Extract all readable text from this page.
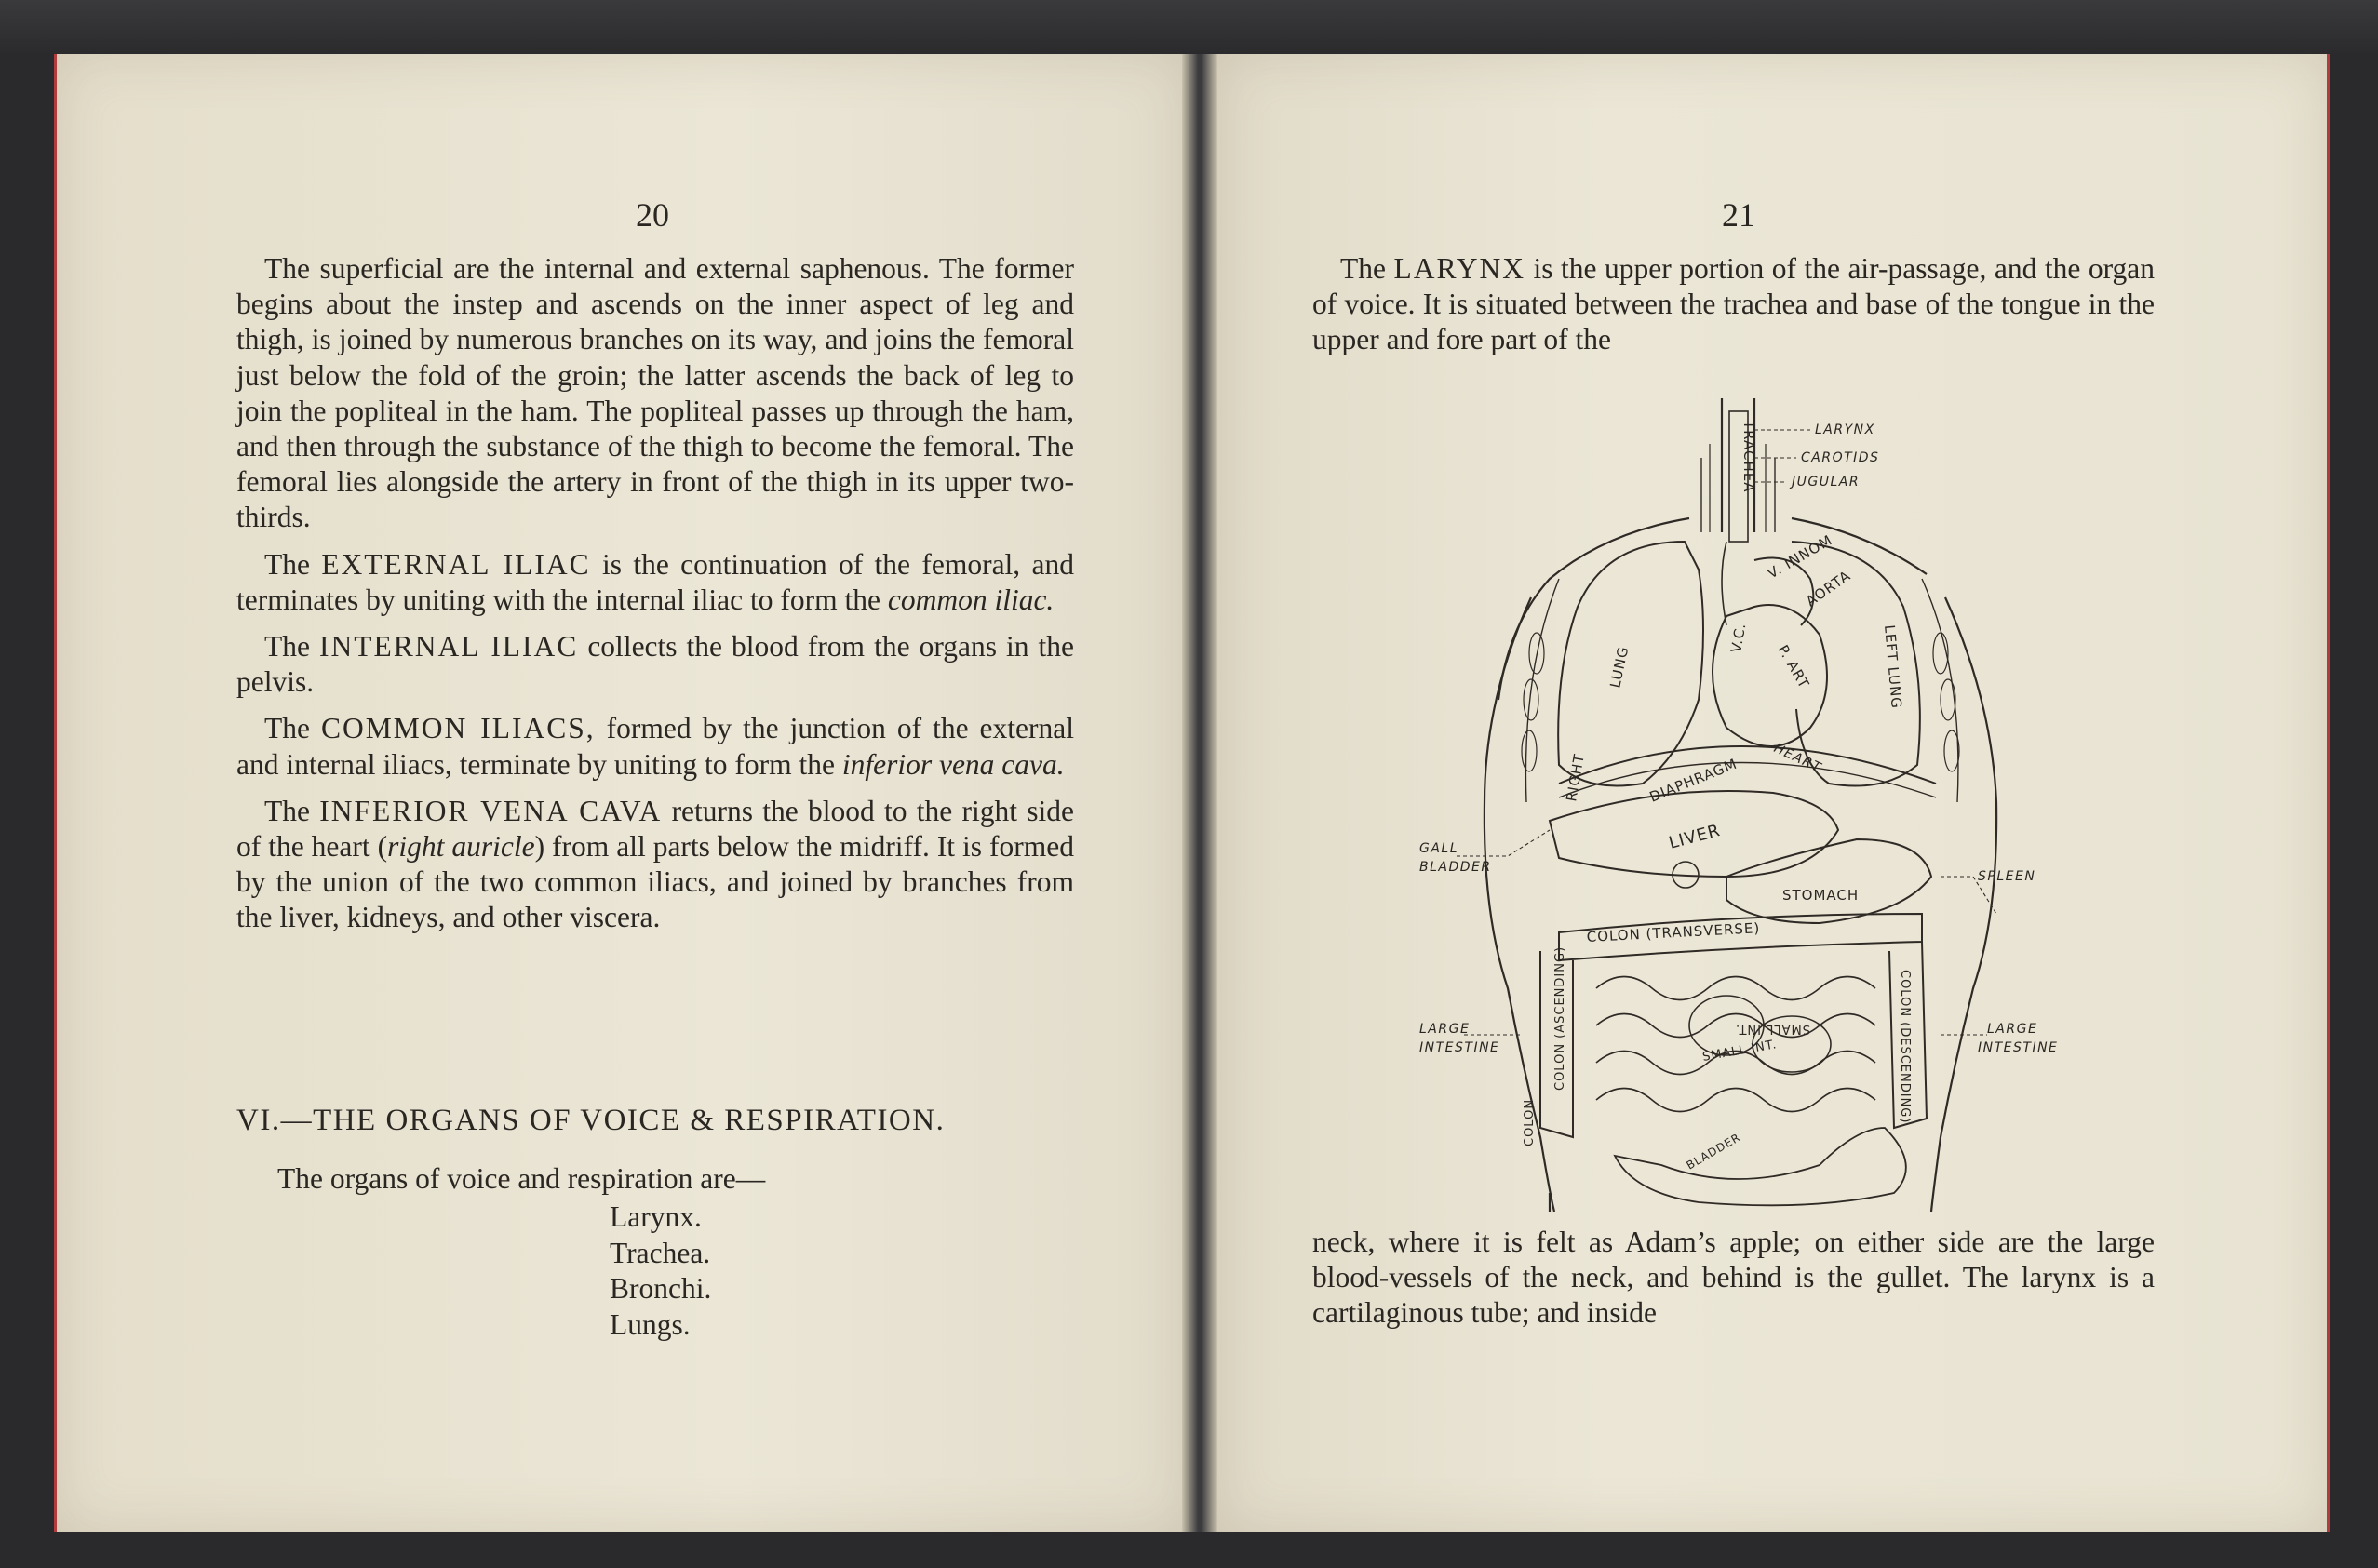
20

The superficial are the internal and external saphenous. The former begins about the instep and ascends on the inner aspect of leg and thigh, is joined by numerous branches on its way, and joins the femoral just below the fold of the groin; the latter ascends the back of leg to join the popliteal in the ham. The popliteal passes up through the ham, and then through the substance of the thigh to become the femoral. The femoral lies alongside the artery in front of the thigh in its upper two-thirds.

The EXTERNAL ILIAC is the continuation of the femoral, and terminates by uniting with the internal iliac to form the common iliac.

The INTERNAL ILIAC collects the blood from the organs in the pelvis.

The COMMON ILIACS, formed by the junction of the external and internal iliacs, terminate by uniting to form the inferior vena cava.

The INFERIOR VENA CAVA returns the blood to the right side of the heart (right auricle) from all parts below the midriff. It is formed by the union of the two common iliacs, and joined by branches from the liver, kidneys, and other viscera.

VI.—THE ORGANS OF VOICE & RESPIRATION.
The organs of voice and respiration are—
Larynx.
Trachea.
Bronchi.
Lungs.
21

The LARYNX is the upper portion of the air-passage, and the organ of voice. It is situated between the trachea and base of the tongue in the upper and fore part of the

LARYNX
CAROTIDS
JUGULAR
TRACHEA
V. INNOM
AORTA
V.C.
P. ART
RIGHT
LUNG	LEFT LUNG
HEART
DIAPHRAGM
LIVER
STOMACH
GALL
BLADDER
SPLEEN
COLON (TRANSVERSE)
COLON (ASCENDING)	COLON (DESCENDING)
SMALL INT.
SMALL INT.
LARGE
INTESTINE
LARGE
INTESTINE
COLON
BLADDER

neck, where it is felt as Adam’s apple; on either side are the large blood-vessels of the neck, and behind is the gullet. The larynx is a cartilaginous tube; and inside
